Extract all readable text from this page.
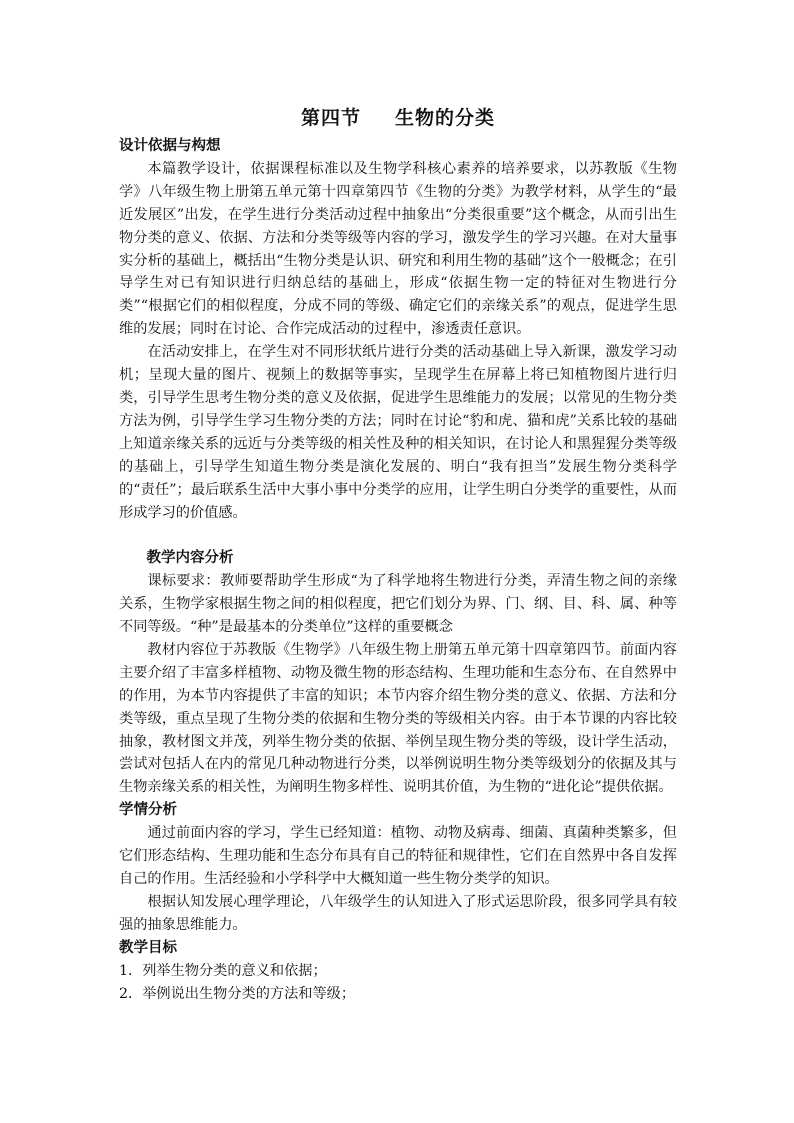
第四节 生物的分类
设计依据与构想

本篇教学设计，依据课程标准以及生物学科核心素养的培养要求，以苏教版《生物学》八年级生物上册第五单元第十四章第四节《生物的分类》为教学材料，从学生的“最近发展区”出发，在学生进行分类活动过程中抽象出“分类很重要”这个概念，从而引出生物分类的意义、依据、方法和分类等级等内容的学习，激发学生的学习兴趣。在对大量事实分析的基础上，概括出“生物分类是认识、研究和利用生物的基础”这个一般概念；在引导学生对已有知识进行归纳总结的基础上，形成“依据生物一定的特征对生物进行分类”“根据它们的相似程度，分成不同的等级、确定它们的亲缘关系”的观点，促进学生思维的发展；同时在讨论、合作完成活动的过程中，渗透责任意识。

在活动安排上，在学生对不同形状纸片进行分类的活动基础上导入新课，激发学习动机；呈现大量的图片、视频上的数据等事实，呈现学生在屏幕上将已知植物图片进行归类，引导学生思考生物分类的意义及依据，促进学生思维能力的发展；以常见的生物分类方法为例，引导学生学习生物分类的方法；同时在讨论“豹和虎、猫和虎”关系比较的基础上知道亲缘关系的远近与分类等级的相关性及种的相关知识，在讨论人和黑猩猩分类等级的基础上，引导学生知道生物分类是演化发展的、明白“我有担当”发展生物分类科学的“责任”；最后联系生活中大事小事中分类学的应用，让学生明白分类学的重要性，从而形成学习的价值感。

教学内容分析

课标要求：教师要帮助学生形成“为了科学地将生物进行分类，弄清生物之间的亲缘关系，生物学家根据生物之间的相似程度，把它们划分为界、门、纲、目、科、属、种等不同等级。“种”是最基本的分类单位”这样的重要概念

教材内容位于苏教版《生物学》八年级生物上册第五单元第十四章第四节。前面内容主要介绍了丰富多样植物、动物及微生物的形态结构、生理功能和生态分布、在自然界中的作用，为本节内容提供了丰富的知识；本节内容介绍生物分类的意义、依据、方法和分类等级，重点呈现了生物分类的依据和生物分类的等级相关内容。由于本节课的内容比较抽象，教材图文并茂，列举生物分类的依据、举例呈现生物分类的等级，设计学生活动，尝试对包括人在内的常见几种动物进行分类，以举例说明生物分类等级划分的依据及其与生物亲缘关系的相关性，为阐明生物多样性、说明其价值，为生物的“进化论”提供依据。

学情分析

通过前面内容的学习，学生已经知道：植物、动物及病毒、细菌、真菌种类繁多，但它们形态结构、生理功能和生态分布具有自己的特征和规律性，它们在自然界中各自发挥自己的作用。生活经验和小学科学中大概知道一些生物分类学的知识。

根据认知发展心理学理论，八年级学生的认知进入了形式运思阶段，很多同学具有较强的抽象思维能力。

教学目标
1．列举生物分类的意义和依据；
2．举例说出生物分类的方法和等级；
